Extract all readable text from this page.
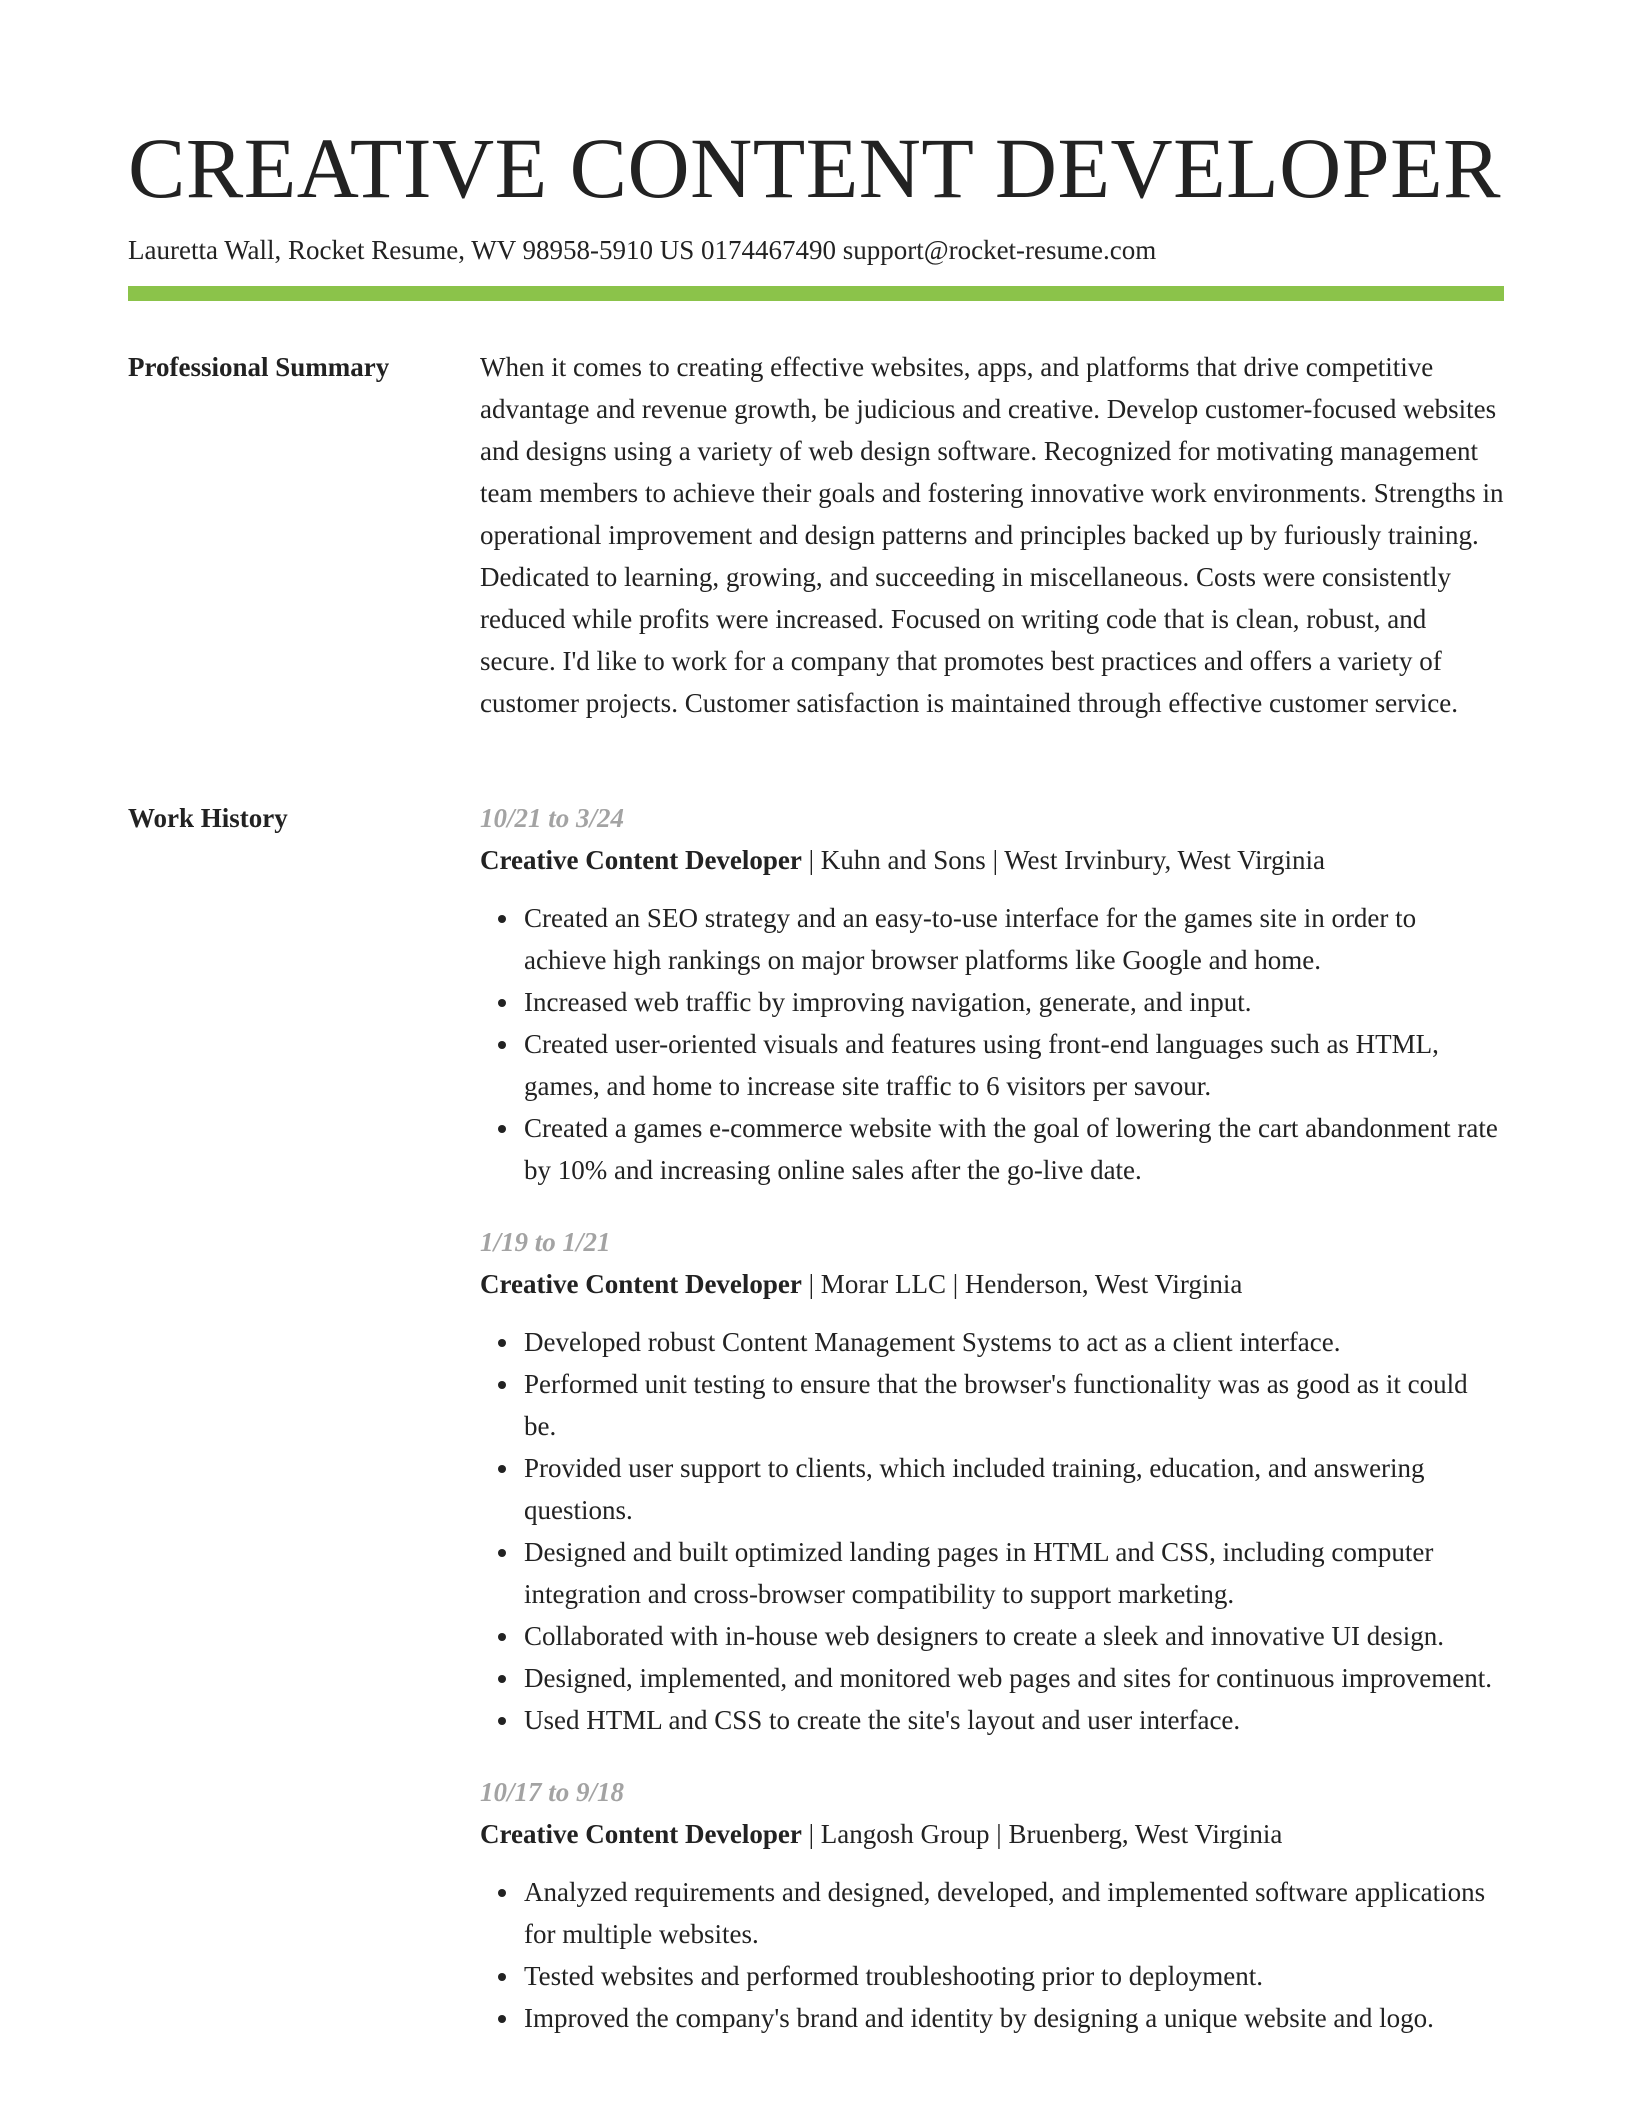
CREATIVE CONTENT DEVELOPER
Lauretta Wall, Rocket Resume, WV 98958-5910 US 0174467490 support@rocket-resume.com
Professional Summary	When it comes to creating effective websites, apps, and platforms that drive competitive advantage and revenue growth, be judicious and creative. Develop customer-focused websites and designs using a variety of web design software. Recognized for motivating management team members to achieve their goals and fostering innovative work environments. Strengths in operational improvement and design patterns and principles backed up by furiously training. Dedicated to learning, growing, and succeeding in miscellaneous. Costs were consistently reduced while profits were increased. Focused on writing code that is clean, robust, and secure. I'd like to work for a company that promotes best practices and offers a variety of customer projects. Customer satisfaction is maintained through effective customer service.

Work History	10/21 to 3/24
Creative Content Developer | Kuhn and Sons | West Irvinbury, West Virginia
Created an SEO strategy and an easy-to-use interface for the games site in order to achieve high rankings on major browser platforms like Google and home.
Increased web traffic by improving navigation, generate, and input.
Created user-oriented visuals and features using front-end languages such as HTML, games, and home to increase site traffic to 6 visitors per savour.
Created a games e-commerce website with the goal of lowering the cart abandonment rate by 10% and increasing online sales after the go-live date.
1/19 to 1/21
Creative Content Developer | Morar LLC | Henderson, West Virginia
Developed robust Content Management Systems to act as a client interface.
Performed unit testing to ensure that the browser's functionality was as good as it could be.
Provided user support to clients, which included training, education, and answering questions.
Designed and built optimized landing pages in HTML and CSS, including computer integration and cross-browser compatibility to support marketing.
Collaborated with in-house web designers to create a sleek and innovative UI design.
Designed, implemented, and monitored web pages and sites for continuous improvement.
Used HTML and CSS to create the site's layout and user interface.
10/17 to 9/18
Creative Content Developer | Langosh Group | Bruenberg, West Virginia
Analyzed requirements and designed, developed, and implemented software applications for multiple websites.
Tested websites and performed troubleshooting prior to deployment.
Improved the company's brand and identity by designing a unique website and logo.
